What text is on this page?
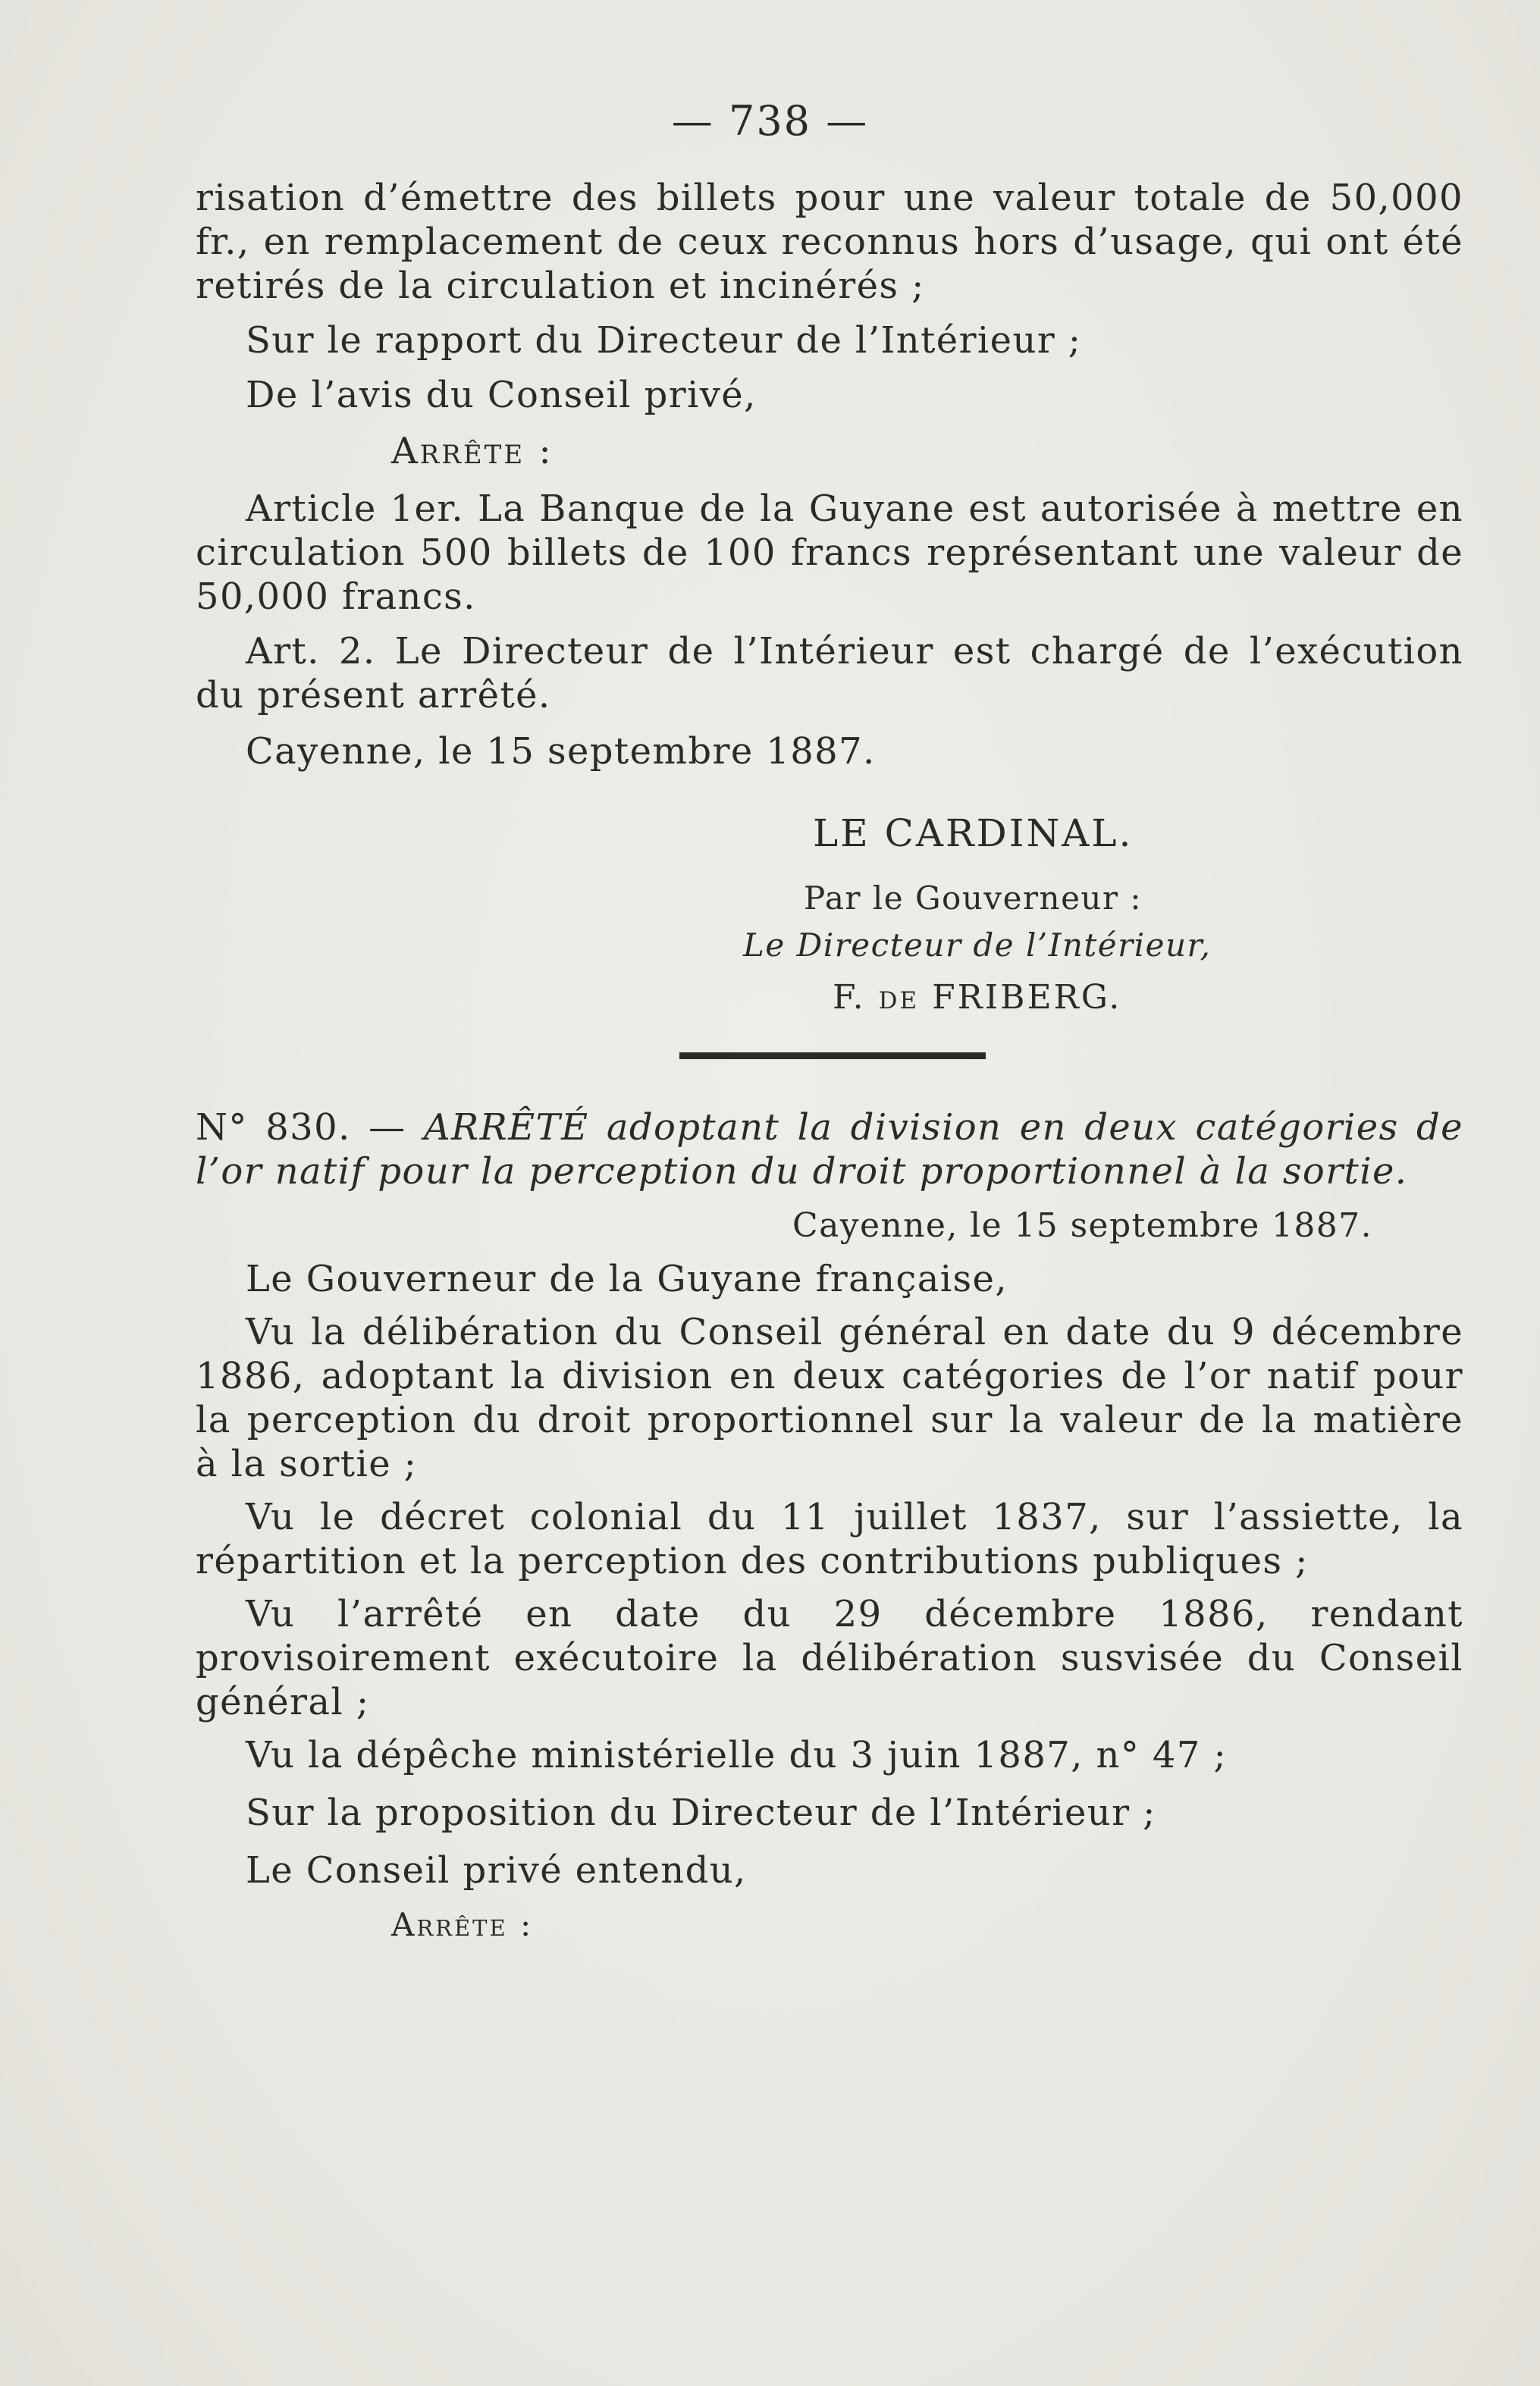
— 738 —

risation d’émettre des billets pour une valeur totale de 50,000 fr., en remplacement de ceux reconnus hors d’usage, qui ont été retirés de la circulation et incinérés ;

Sur le rapport du Directeur de l’Intérieur ;

De l’avis du Conseil privé,

Arrête :

Article 1er. La Banque de la Guyane est autorisée à mettre en circulation 500 billets de 100 francs représentant une valeur de 50,000 francs.

Art. 2. Le Directeur de l’Intérieur est chargé de l’exécution du présent arrêté.

Cayenne, le 15 septembre 1887.

LE CARDINAL.

Par le Gouverneur :

Le Directeur de l’Intérieur,

F. de FRIBERG.

N° 830. — ARRÊTÉ adoptant la division en deux catégories de l’or natif pour la perception du droit proportionnel à la sortie.

Cayenne, le 15 septembre 1887.

Le Gouverneur de la Guyane française,

Vu la délibération du Conseil général en date du 9 décembre 1886, adoptant la division en deux catégories de l’or natif pour la perception du droit proportionnel sur la valeur de la matière à la sortie ;

Vu le décret colonial du 11 juillet 1837, sur l’assiette, la répartition et la perception des contributions publiques ;

Vu l’arrêté en date du 29 décembre 1886, rendant provisoirement exécutoire la délibération susvisée du Conseil général ;

Vu la dépêche ministérielle du 3 juin 1887, n° 47 ;

Sur la proposition du Directeur de l’Intérieur ;

Le Conseil privé entendu,

Arrête :
